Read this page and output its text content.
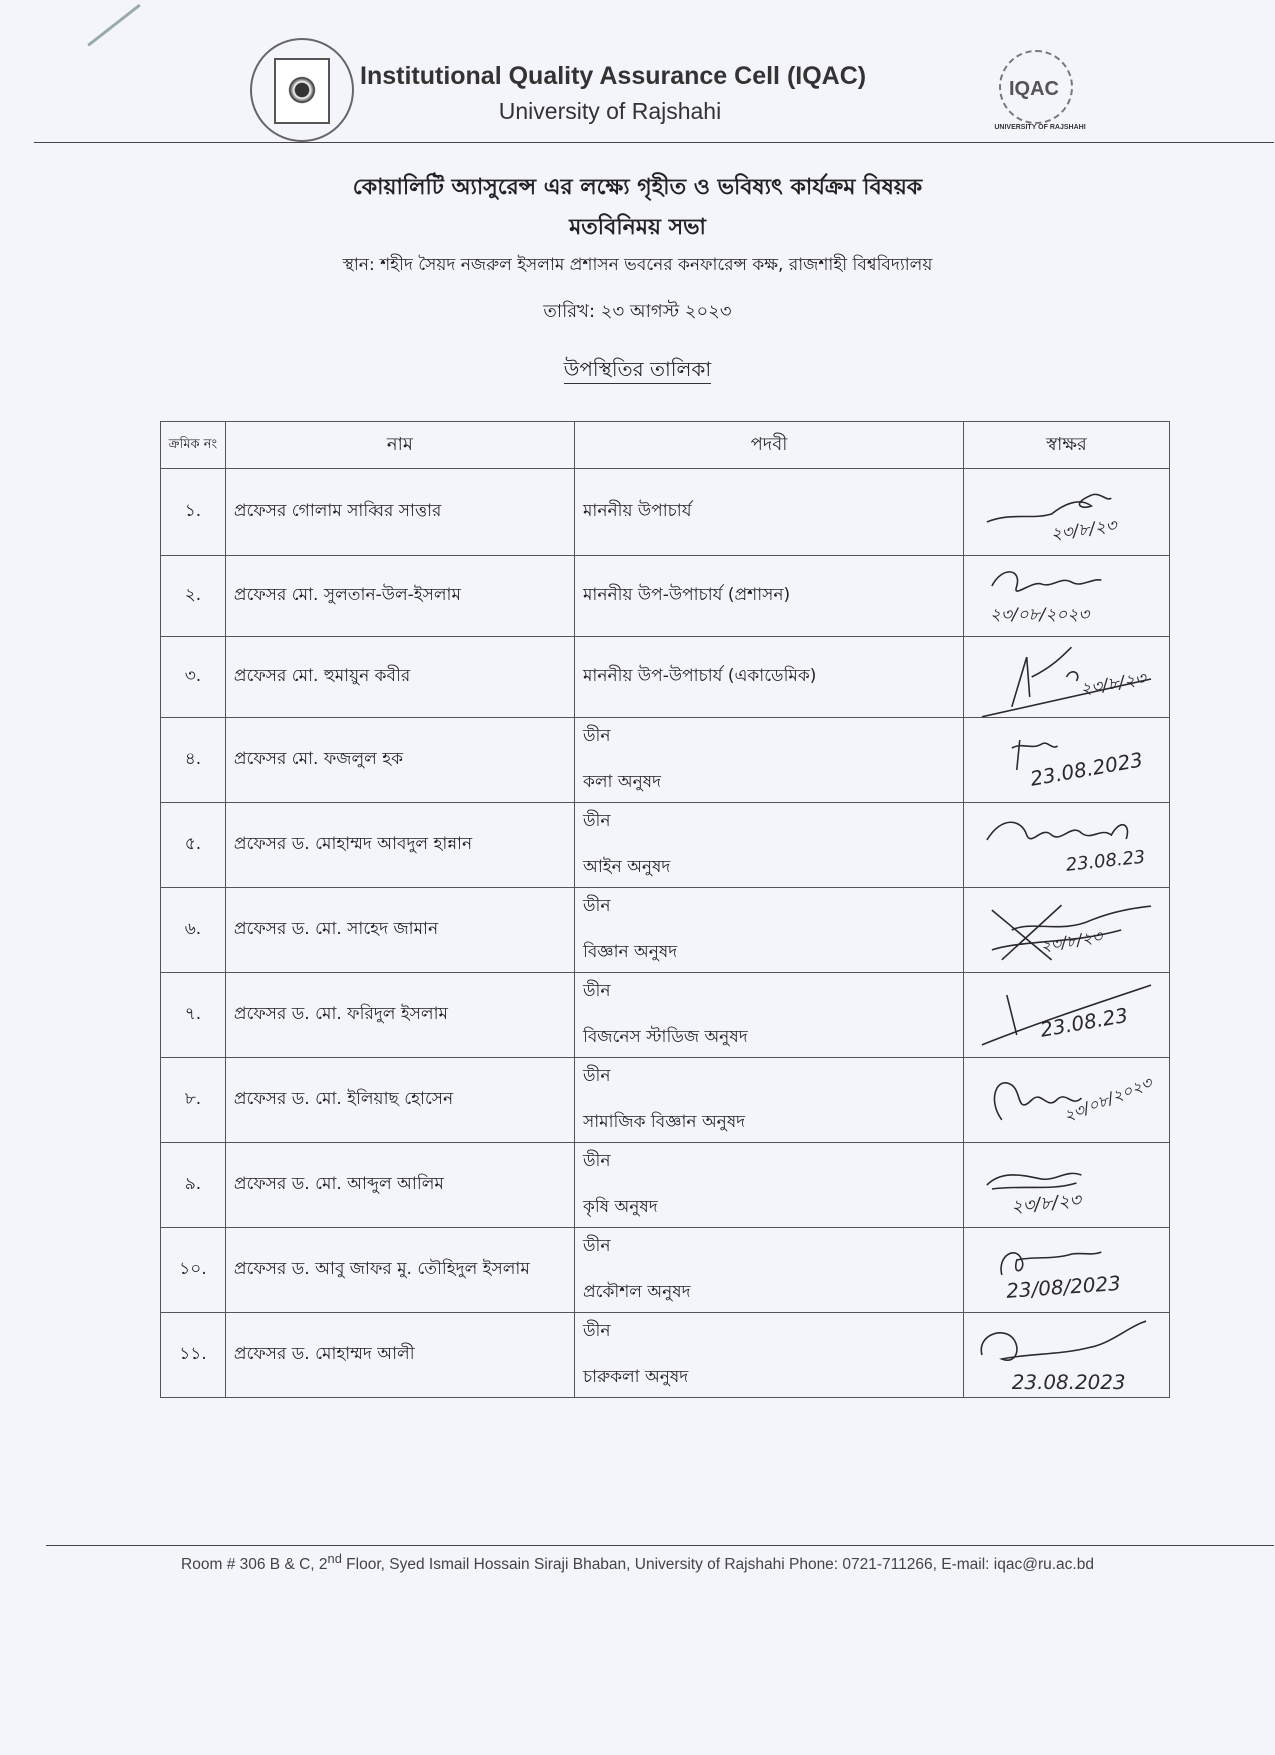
Institutional Quality Assurance Cell (IQAC)
University of Rajshahi
IQAC
UNIVERSITY OF RAJSHAHI
কোয়ালিটি অ্যাসুরেন্স এর লক্ষ্যে গৃহীত ও ভবিষ্যৎ কার্যক্রম বিষয়ক
মতবিনিময় সভা
স্থান: শহীদ সৈয়দ নজরুল ইসলাম প্রশাসন ভবনের কনফারেন্স কক্ষ, রাজশাহী বিশ্ববিদ্যালয়
তারিখ: ২৩ আগস্ট ২০২৩
উপস্থিতির তালিকা
ক্রমিক নং	নাম	পদবী	স্বাক্ষর
১.	প্রফেসর গোলাম সাব্বির সাত্তার	মাননীয় উপাচার্য	২৩/৮/২৩

২.	প্রফেসর মো. সুলতান-উল-ইসলাম	মাননীয় উপ-উপাচার্য (প্রশাসন)	২৩/০৮/২০২৩

৩.	প্রফেসর মো. হুমায়ুন কবীর	মাননীয় উপ-উপাচার্য (একাডেমিক)	২৩/৮/২৩

৪.	প্রফেসর মো. ফজলুল হক	ডীন
কলা অনুষদ	23.08.2023

৫.	প্রফেসর ড. মোহাম্মদ আবদুল হান্নান	ডীন
আইন অনুষদ	23.08.23

৬.	প্রফেসর ড. মো. সাহেদ জামান	ডীন
বিজ্ঞান অনুষদ	২৩/৮/২৩

৭.	প্রফেসর ড. মো. ফরিদুল ইসলাম	ডীন
বিজনেস স্টাডিজ অনুষদ	23.08.23

৮.	প্রফেসর ড. মো. ইলিয়াছ হোসেন	ডীন
সামাজিক বিজ্ঞান অনুষদ	২৩/০৮/২০২৩

৯.	প্রফেসর ড. মো. আব্দুল আলিম	ডীন
কৃষি অনুষদ	২৩/৮/২৩

১০.	প্রফেসর ড. আবু জাফর মু. তৌহিদুল ইসলাম	ডীন
প্রকৌশল অনুষদ	23/08/2023

১১.	প্রফেসর ড. মোহাম্মদ আলী	ডীন
চারুকলা অনুষদ	23.08.2023
Room # 306 B & C, 2nd Floor, Syed Ismail Hossain Siraji Bhaban, University of Rajshahi Phone: 0721-711266, E-mail: iqac@ru.ac.bd
